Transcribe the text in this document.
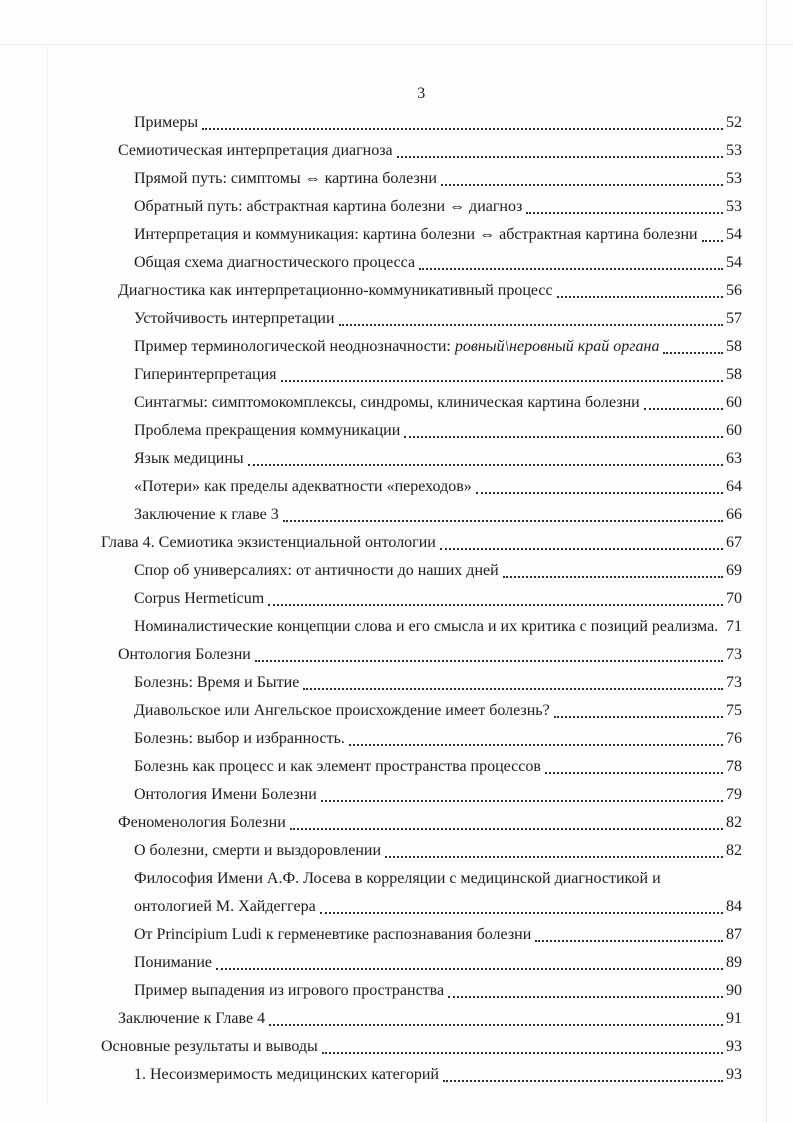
3
Примеры	52
Семиотическая интерпретация диагноза	53
Прямой путь: симптомы ⇔ картина болезни	53
Обратный путь: абстрактная картина болезни ⇔ диагноз	53
Интерпретация и коммуникация: картина болезни ⇔ абстрактная картина болезни 54
Общая схема диагностического процесса	54
Диагностика как интерпретационно-коммуникативный процесс	56
Устойчивость интерпретации	57
Пример терминологической неоднозначности: ровный\неровный край органа	58
Гиперинтерпретация	58
Синтагмы: симптомокомплексы, синдромы, клиническая картина болезни	60
Проблема прекращения коммуникации	60
Язык медицины	63
«Потери» как пределы адекватности «переходов»	64
Заключение к главе 3	66
Глава 4. Семиотика экзистенциальной онтологии	67
Спор об универсалиях: от античности до наших дней	69
Corpus Hermeticum	70
Номиналистические концепции слова и его смысла и их критика с позиций реализма. 71
Онтология Болезни	73
Болезнь: Время и Бытие	73
Диавольское или Ангельское происхождение имеет болезнь?	75
Болезнь: выбор и избранность.	76
Болезнь как процесс и как элемент пространства процессов	78
Онтология Имени Болезни	79
Феноменология Болезни	82
О болезни, смерти и выздоровлении	82
Философия Имени А.Ф. Лосева в корреляции с медицинской диагностикой и
онтологией М. Хайдеггера	84
От Principium Ludi к герменевтике распознавания болезни	87
Понимание	89
Пример выпадения из игрового пространства	90
Заключение к Главе 4	91
Основные результаты и выводы	93
1. Несоизмеримость медицинских категорий	93
